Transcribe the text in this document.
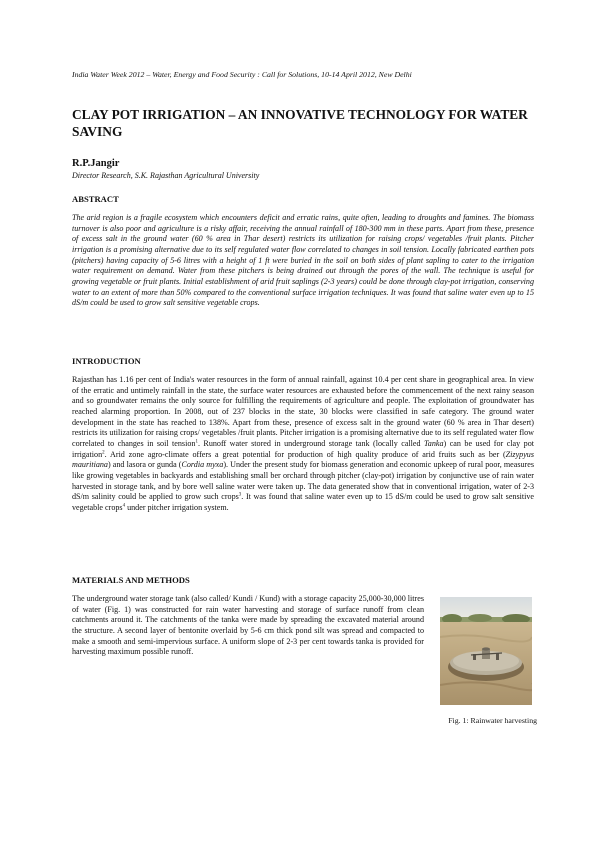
India Water Week 2012 – Water, Energy and Food Security : Call for Solutions, 10-14 April 2012, New Delhi
CLAY POT IRRIGATION – AN INNOVATIVE TECHNOLOGY FOR WATER SAVING
R.P.Jangir
Director Research, S.K. Rajasthan Agricultural University
ABSTRACT

The arid region is a fragile ecosystem which encounters deficit and erratic rains, quite often, leading to droughts and famines. The biomass turnover is also poor and agriculture is a risky affair, receiving the annual rainfall of 180-300 mm in these parts. Apart from these, presence of excess salt in the ground water (60 % area in Thar desert) restricts its utilization for raising crops/ vegetables /fruit plants. Pitcher irrigation is a promising alternative due to its self regulated water flow correlated to changes in soil tension. Locally fabricated earthen pots (pitchers) having capacity of 5-6 litres with a height of 1 ft were buried in the soil on both sides of plant sapling to cater to the irrigation water requirement on demand. Water from these pitchers is being drained out through the pores of the wall. The technique is useful for growing vegetable or fruit plants. Initial establishment of arid fruit saplings (2-3 years) could be done through clay-pot irrigation, conserving water to an extent of more than 50% compared to the conventional surface irrigation techniques. It was found that saline water even up to 15 dS/m could be used to grow salt sensitive vegetable crops.

INTRODUCTION

Rajasthan has 1.16 per cent of India's water resources in the form of annual rainfall, against 10.4 per cent share in geographical area. In view of the erratic and untimely rainfall in the state, the surface water resources are exhausted before the commencement of the next rainy season and so groundwater remains the only source for fulfilling the requirements of agriculture and people. The exploitation of groundwater has reached alarming proportion. In 2008, out of 237 blocks in the state, 30 blocks were classified in safe category. The ground water development in the state has reached to 138%. Apart from these, presence of excess salt in the ground water (60 % area in Thar desert) restricts its utilization for raising crops/ vegetables /fruit plants. Pitcher irrigation is a promising alternative due to its self regulated water flow correlated to changes in soil tension$^1$. Runoff water stored in underground storage tank (locally called Tanka) can be used for clay pot irrigation$^2$. Arid zone agro-climate offers a great potential for production of high quality produce of arid fruits such as ber (Zizypyus mauritiana) and lasora or gunda (Cordia myxa). Under the present study for biomass generation and economic upkeep of rural poor, measures like growing vegetables in backyards and establishing small ber orchard through pitcher (clay-pot) irrigation by conjunctive use of rain water harvested in storage tank, and by bore well saline water were taken up. The data generated show that in conventional irrigation, water of 2-3 dS/m salinity could be applied to grow such crops$^3$. It was found that saline water even up to 15 dS/m could be used to grow salt sensitive vegetable crops$^4$ under pitcher irrigation system.

MATERIALS AND METHODS

The underground water storage tank (also called/ Kundi / Kund) with a storage capacity 25,000-30,000 litres of water (Fig. 1) was constructed for rain water harvesting and storage of surface runoff from clean catchments around it. The catchments of the tanka were made by spreading the excavated material around the structure. A second layer of bentonite overlaid by 5-6 cm thick pond silt was spread and compacted to make a smooth and semi-impervious surface. A uniform slope of 2-3 per cent towards tanka is provided for harvesting maximum possible runoff.

Fig. 1: Rainwater harvesting
